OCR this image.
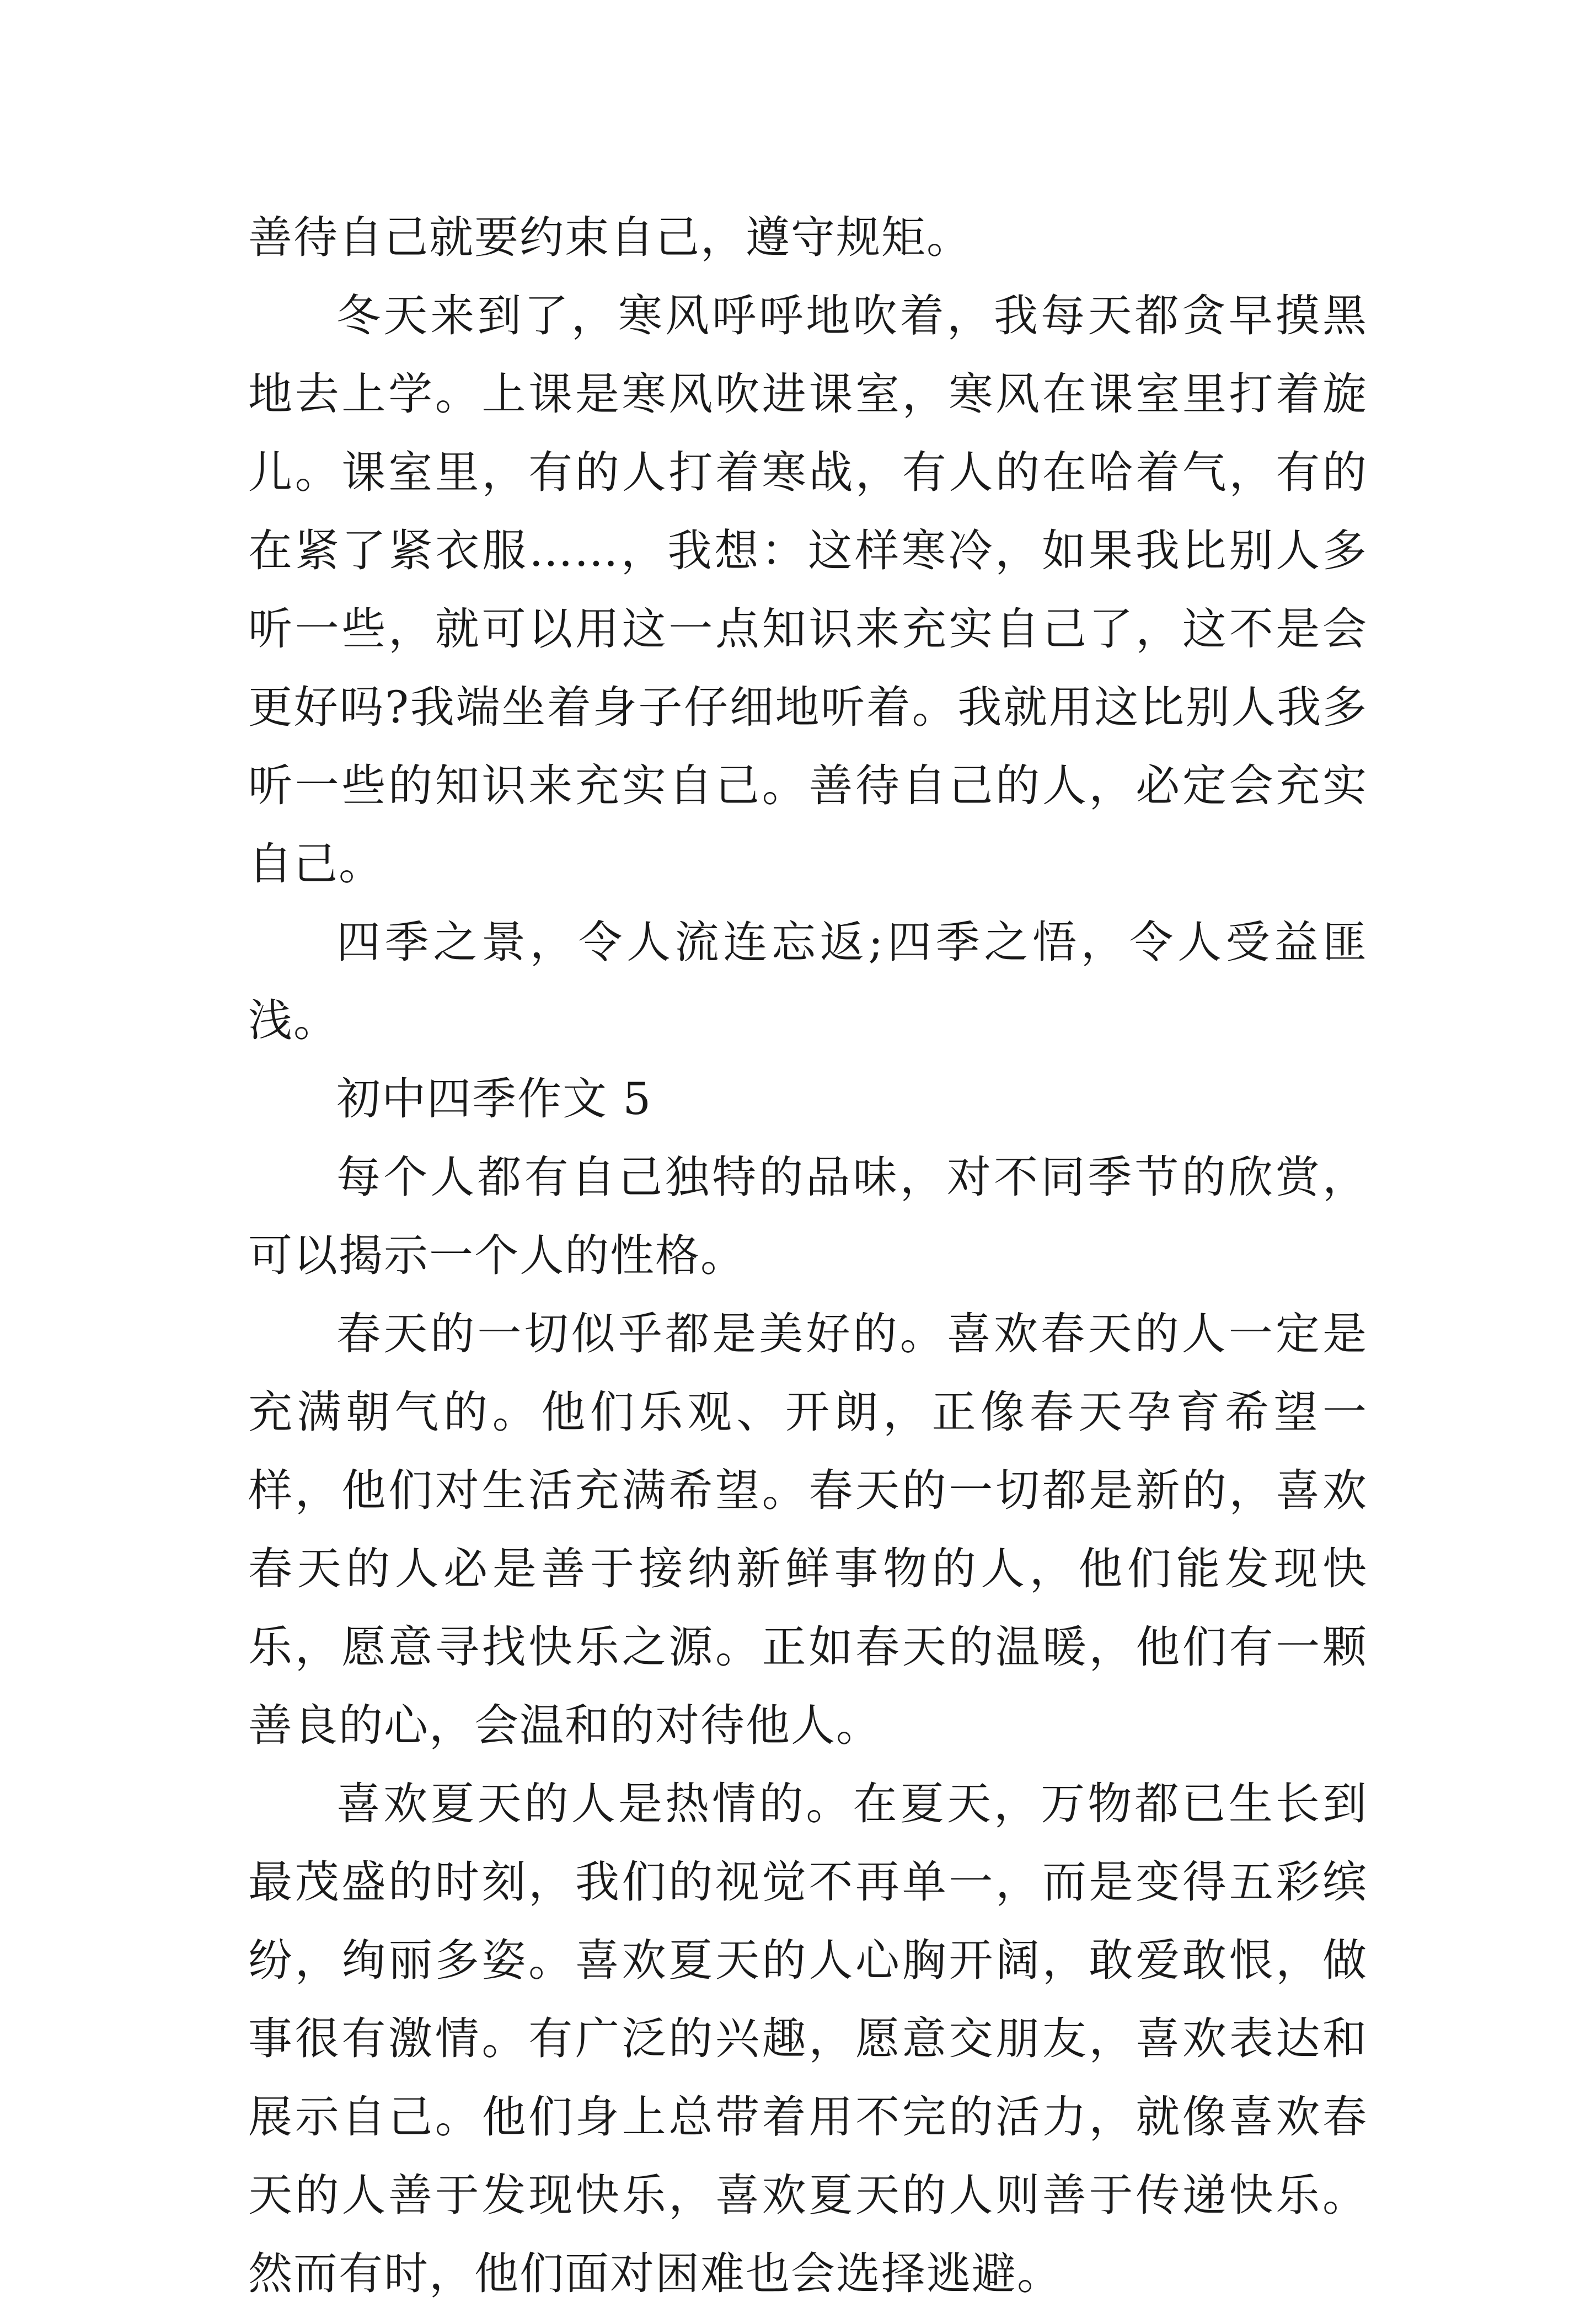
善待自己就要约束自己，遵守规矩。

冬天来到了，寒风呼呼地吹着，我每天都贪早摸黑地去上学。上课是寒风吹进课室，寒风在课室里打着旋儿。课室里，有的人打着寒战，有人的在哈着气，有的在紧了紧衣服……，我想：这样寒冷，如果我比别人多听一些，就可以用这一点知识来充实自己了，这不是会更好吗?我端坐着身子仔细地听着。我就用这比别人我多听一些的知识来充实自己。善待自己的人，必定会充实自己。

四季之景，令人流连忘返;四季之悟，令人受益匪浅。

初中四季作文 5

每个人都有自己独特的品味，对不同季节的欣赏，可以揭示一个人的性格。

春天的一切似乎都是美好的。喜欢春天的人一定是充满朝气的。他们乐观、开朗，正像春天孕育希望一样，他们对生活充满希望。春天的一切都是新的，喜欢春天的人必是善于接纳新鲜事物的人，他们能发现快乐，愿意寻找快乐之源。正如春天的温暖，他们有一颗善良的心，会温和的对待他人。

喜欢夏天的人是热情的。在夏天，万物都已生长到最茂盛的时刻，我们的视觉不再单一，而是变得五彩缤纷，绚丽多姿。喜欢夏天的人心胸开阔，敢爱敢恨，做事很有激情。有广泛的兴趣，愿意交朋友，喜欢表达和展示自己。他们身上总带着用不完的活力，就像喜欢春天的人善于发现快乐，喜欢夏天的人则善于传递快乐。然而有时，他们面对困难也会选择逃避。
